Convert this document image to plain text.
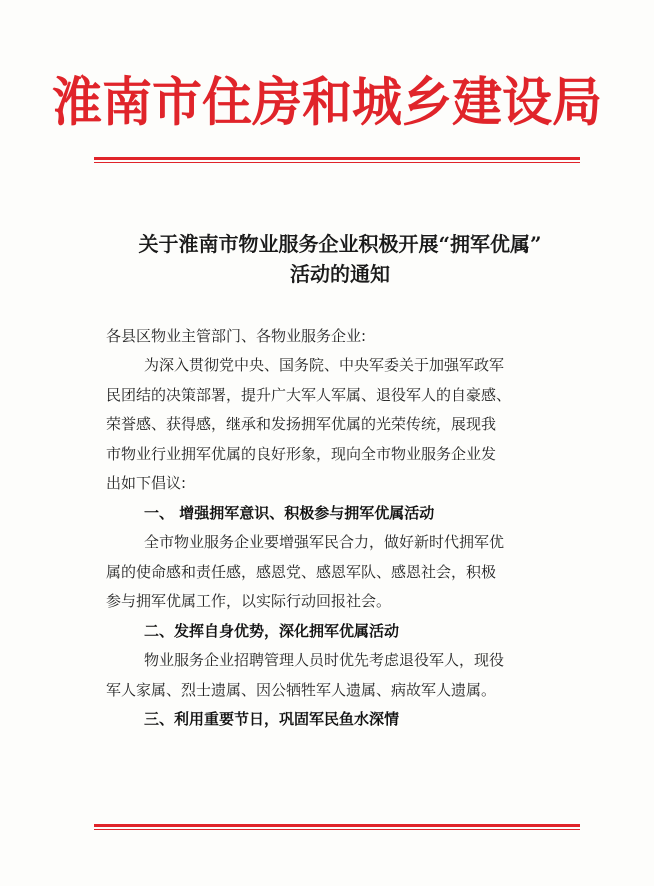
淮南市住房和城乡建设局
关于淮南市物业服务企业积极开展“拥军优属”
活动的通知
各县区物业主管部门、各物业服务企业:
为深入贯彻党中央、国务院、中央军委关于加强军政军
民团结的决策部署，提升广大军人军属、退役军人的自豪感、
荣誉感、获得感，继承和发扬拥军优属的光荣传统，展现我
市物业行业拥军优属的良好形象，现向全市物业服务企业发
出如下倡议:
一、 增强拥军意识、积极参与拥军优属活动
全市物业服务企业要增强军民合力，做好新时代拥军优
属的使命感和责任感，感恩党、感恩军队、感恩社会，积极
参与拥军优属工作，以实际行动回报社会。
二、发挥自身优势，深化拥军优属活动
物业服务企业招聘管理人员时优先考虑退役军人，现役
军人家属、烈士遗属、因公牺牲军人遗属、病故军人遗属。
三、利用重要节日，巩固军民鱼水深情
